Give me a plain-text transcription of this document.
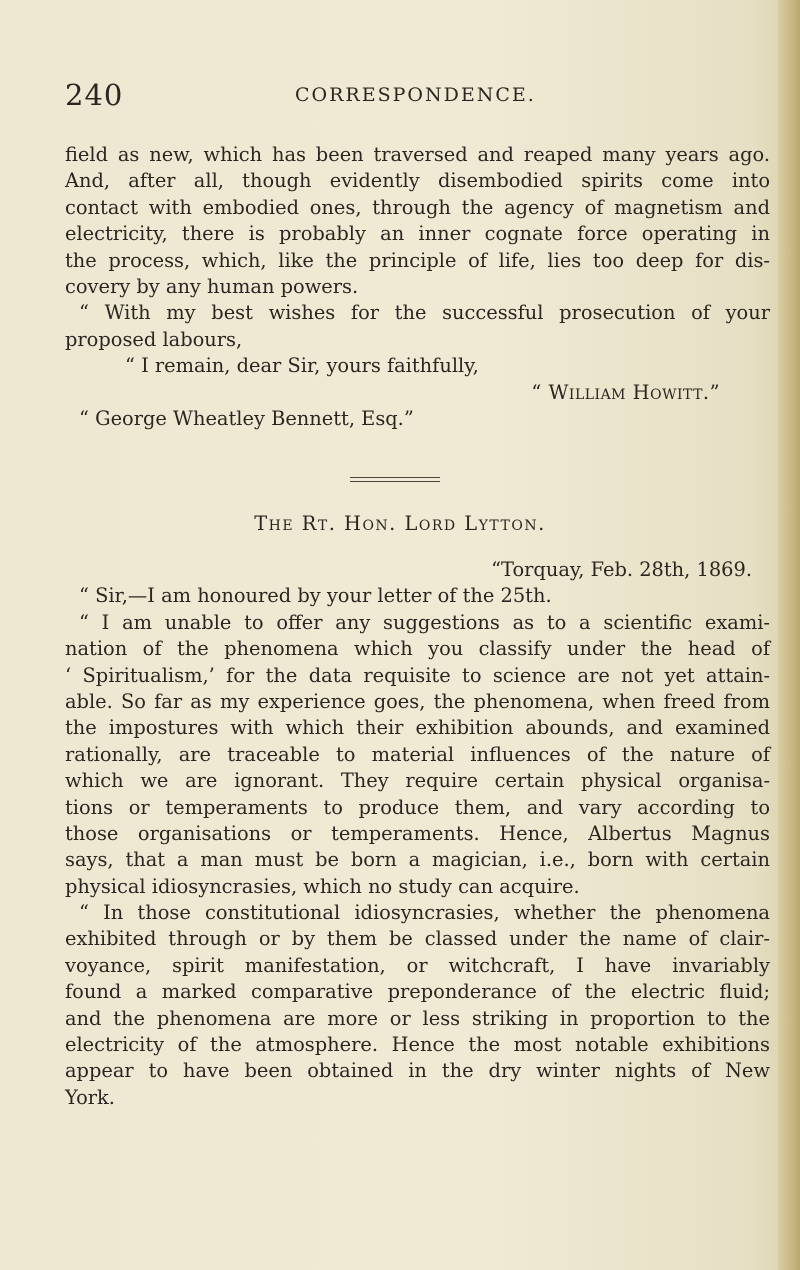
240	CORRESPONDENCE.
field as new, which has been traversed and reaped many years ago.
And, after all, though evidently disembodied spirits come into
contact with embodied ones, through the agency of magnetism and
electricity, there is probably an inner cognate force operating in
the process, which, like the principle of life, lies too deep for dis-
covery by any human powers.
“ With my best wishes for the successful prosecution of your
proposed labours,
“ I remain, dear Sir, yours faithfully,
“ William Howitt.”
“ George Wheatley Bennett, Esq.”
The Rt. Hon. Lord Lytton.
“Torquay, Feb. 28th, 1869.
“ Sir,—I am honoured by your letter of the 25th.
“ I am unable to offer any suggestions as to a scientific exami-
nation of the phenomena which you classify under the head of
‘ Spiritualism,’ for the data requisite to science are not yet attain-
able. So far as my experience goes, the phenomena, when freed from
the impostures with which their exhibition abounds, and examined
rationally, are traceable to material influences of the nature of
which we are ignorant. They require certain physical organisa-
tions or temperaments to produce them, and vary according to
those organisations or temperaments. Hence, Albertus Magnus
says, that a man must be born a magician, i.e., born with certain
physical idiosyncrasies, which no study can acquire.
“ In those constitutional idiosyncrasies, whether the phenomena
exhibited through or by them be classed under the name of clair-
voyance, spirit manifestation, or witchcraft, I have invariably
found a marked comparative preponderance of the electric fluid;
and the phenomena are more or less striking in proportion to the
electricity of the atmosphere. Hence the most notable exhibitions
appear to have been obtained in the dry winter nights of New
York.
